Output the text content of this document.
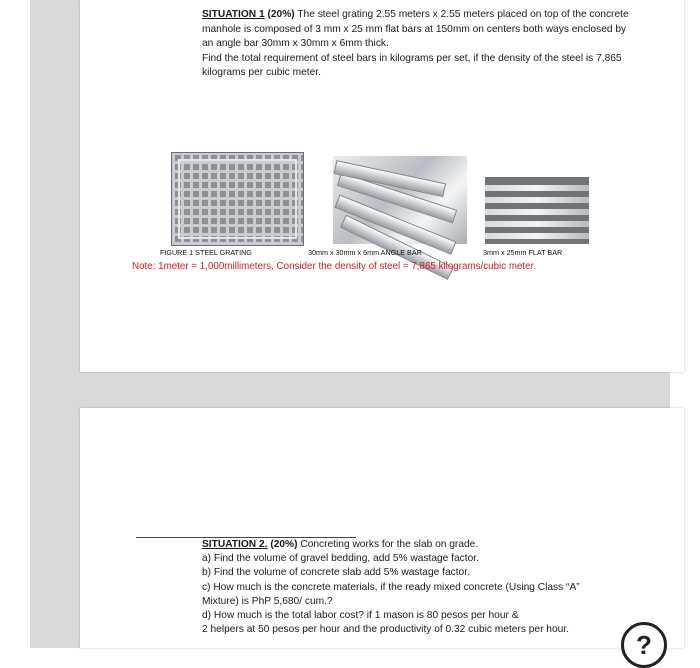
SITUATION 1 (20%) The steel grating 2.55 meters x 2.55 meters placed on top of the concrete manhole is composed of 3 mm x 25 mm flat bars at 150mm on centers both ways enclosed by an angle bar 30mm x 30mm x 6mm thick.

Find the total requirement of steel bars in kilograms per set, if the density of the steel is 7,865 kilograms per cubic meter.

FIGURE 1 STEEL GRATING	30mm x 30mm x 6mm ANGLE BAR	3mm x 25mm FLAT BAR
Note: 1meter = 1,000millimeters, Consider the density of steel = 7,865 kilograms/cubic meter.

SITUATION 2. (20%) Concreting works for the slab on grade.

a) Find the volume of gravel bedding, add 5% wastage factor.

b) Find the volume of concrete slab add 5% wastage factor.

c) How much is the concrete materials, if the ready mixed concrete (Using Class “A”

Mixture) is PhP 5,680/ cum.?

d) How much is the total labor cost? if 1 mason is 80 pesos per hour &

2 helpers at 50 pesos per hour and the productivity of 0.32 cubic meters per hour.

?
